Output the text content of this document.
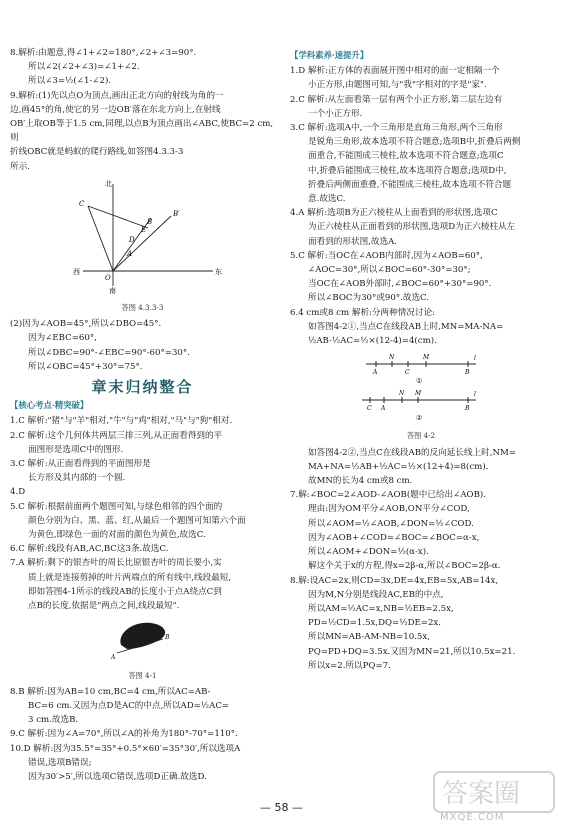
8.解析:由题意,得∠1+∠2=180°,∠2+∠3=90°.

所以∠2(∠2+∠3)=∠1+∠2.

所以∠3=½(∠1-∠2).

9.解析:(1)先以点O为顶点,画出正北方向的射线为角的一

边,画45°的角,使它的另一边OB′落在东北方向上,在射线

OB′上取OB等于1.5 cm,同理,以点B为顶点画出∠ABC,使BC=2 cm,则

折线OBC就是蚂蚁的爬行路线,如答图4.3.3-3

所示.

北
南
西	东
C
B′
B
E
D
A
O

答图 4.3.3-3

(2)因为∠AOB=45°,所以∠DBO=45°.

因为∠EBC=60°,

所以∠DBC=90°-∠EBC=90°-60°=30°.

所以∠OBC=45°+30°=75°.

章末归纳整合
【核心考点·精突破】

1.C 解析:"猪"与"羊"相对,"牛"与"鸡"相对,"马"与"狗"相对.

2.C 解析:这个几何体共两层三排三列,从正面看得到的平

面图形是选项C中的图形.

3.C 解析:从正面看得到的平面图形是

长方形及其内部的一个圆.

4.D

5.C 解析:根据前面两个题图可知,与绿色相邻的四个面的

颜色分别为白、黑、蓝、红,从最后一个题图可知第六个面

为黄色,即绿色一面的对面的颜色为黄色,故选C.

6.C 解析:线段有AB,AC,BC这3条.故选C.

7.A 解析:剩下的银杏叶的周长比原银杏叶的周长要小,实

质上就是连接剪掉的叶片两端点的所有线中,线段最短,

即如答图4-1所示的线段AB的长度小于点A绕点C到

点B的长度,依据是"两点之间,线段最短".

A
B

答图 4-1

8.B 解析:因为AB=10 cm,BC=4 cm,所以AC=AB-

BC=6 cm.又因为点D是AC的中点,所以AD=½AC=

3 cm.故选B.

9.C 解析:因为∠A=70°,所以∠A的补角为180°-70°=110°.

10.D 解析:因为35.5°=35°+0.5°×60′=35°30′,所以选项A

错误,选项B错误;

因为30′>5′,所以选项C错误,选项D正确.故选D.

【学科素养·速提升】

1.D 解析:正方体的表面展开图中相对的面一定相隔一个

小正方形,由题图可知,与"我"字相对的字是"家".

2.C 解析:从左面看第一层有两个小正方形,第二层左边有

一个小正方形.

3.C 解析:选项A中,一个三角形是直角三角形,两个三角形

是锐角三角形,故本选项不符合题意;选项B中,折叠后两侧

面重合,不能围成三棱柱,故本选项不符合题意;选项C

中,折叠后能围成三棱柱,故本选项符合题意;选项D中,

折叠后两侧面重叠,不能围成三棱柱,故本选项不符合题

意.故选C.

4.A 解析:选项B为正六棱柱从上面看到的形状图,选项C

为正六棱柱从正面看到的形状图,选项D为正六棱柱从左

面看到的形状图,故选A.

5.C 解析:当OC在∠AOB内部时,因为∠AOB=60°,

∠AOC=30°,所以∠BOC=60°-30°=30°;

当OC在∠AOB外部时,∠BOC=60°+30°=90°.

所以∠BOC为30°或90°.故选C.

6.4 cm或8 cm 解析:分两种情况讨论:

如答图4-2①,当点C在线段AB上时,MN=MA-NA=

½AB-½AC=½×(12-4)=4(cm).

A
N
C
M
B
l
①
C A
N M
B
l
②

答图 4-2

如答图4-2②,当点C在线段AB的反向延长线上时,NM=

MA+NA=½AB+½AC=½×(12+4)=8(cm).

故MN的长为4 cm或8 cm.

7.解:∠BOC=2∠AOD-∠AOB(题中已给出∠AOB).

理由:因为OM平分∠AOB,ON平分∠COD,

所以∠AOM=½∠AOB,∠DON=½∠COD.

因为∠AOB+∠COD=∠BOC=∠BOC=α-x,

所以∠AOM+∠DON=½(α-x).

解这个关于x的方程,得x=2β-α,所以∠BOC=2β-α.

8.解:设AC=2x,则CD=3x,DE=4x,EB=5x,AB=14x,

因为M,N分别是线段AC,EB的中点,

所以AM=½AC=x,NB=½EB=2.5x,

PD=½CD=1.5x,DQ=½DE=2x.

所以MN=AB-AM-NB=10.5x,

PQ=PD+DQ=3.5x.又因为MN=21,所以10.5x=21.

所以x=2.所以PQ=7.

— 58 —	答案圈
MXQE.COM
